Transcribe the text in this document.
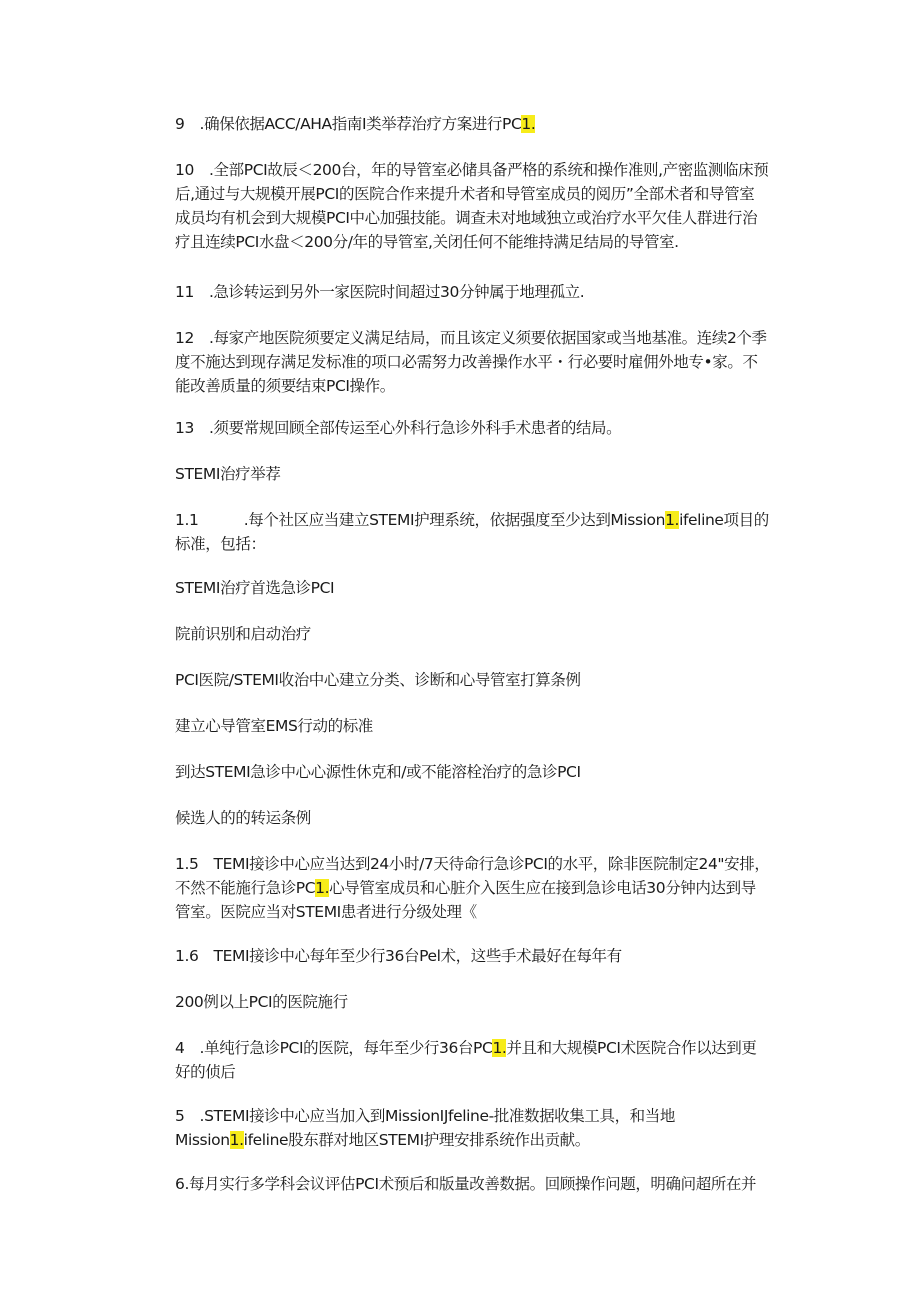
9　.确保依据ACC/AHA指南I类举荐治疗方案进行PC1.

10　.全部PCI故辰＜200台，年的导管室必储具备严格的系统和操作准则,产密监测临床预
后,通过与大规模开展PCI的医院合作来提升术者和导管室成员的阅历”全部术者和导管室
成员均有机会到大规模PCI中心加强技能。调查未对地域独立或治疗水平欠佳人群进行治
疗且连续PCI水盘＜200分/年的导管室,关闭任何不能维持满足结局的导管室.

11　.急诊转运到另外一家医院时间超过30分钟属于地理孤立.

12　.每家产地医院须要定义满足结局，而且该定义须要依据国家或当地基准。连续2个季
度不施达到现存满足发标准的项口必需努力改善操作水平・行必要时雇佣外地专•家。不
能改善质量的须要结束PCI操作。

13　.须要常规回顾全部传运至心外科行急诊外科手术患者的结局。

STEMI治疗举荐

1.1　　　.每个社区应当建立STEMI护理系统，依据强度至少达到Mission1.ifeline项目的
标准，包括：

STEMI治疗首选急诊PCI

院前识别和启动治疗

PCI医院/STEMI收治中心建立分类、诊断和心导管室打算条例

建立心导管室EMS行动的标准

到达STEMI急诊中心心源性休克和/或不能溶栓治疗的急诊PCI

候选人的的转运条例

1.5　TEMI接诊中心应当达到24小时/7天待命行急诊PCI的水平，除非医院制定24"安排，
不然不能施行急诊PC1.心导管室成员和心脏介入医生应在接到急诊电话30分钟内达到导
管室。医院应当对STEMI患者进行分级处理《

1.6　TEMI接诊中心每年至少行36台Pel术，这些手术最好在每年有

200例以上PCI的医院施行

4　.单纯行急诊PCI的医院，每年至少行36台PC1.并且和大规模PCI术医院合作以达到更
好的侦后

5　.STEMI接诊中心应当加入到MissionIJfeline-批准数据收集工具，和当地
Mission1.ifeline股东群对地区STEMI护理安排系统作出贡献。

6.每月实行多学科会议评估PCI术预后和版量改善数据。回顾操作问题，明确问超所在并
